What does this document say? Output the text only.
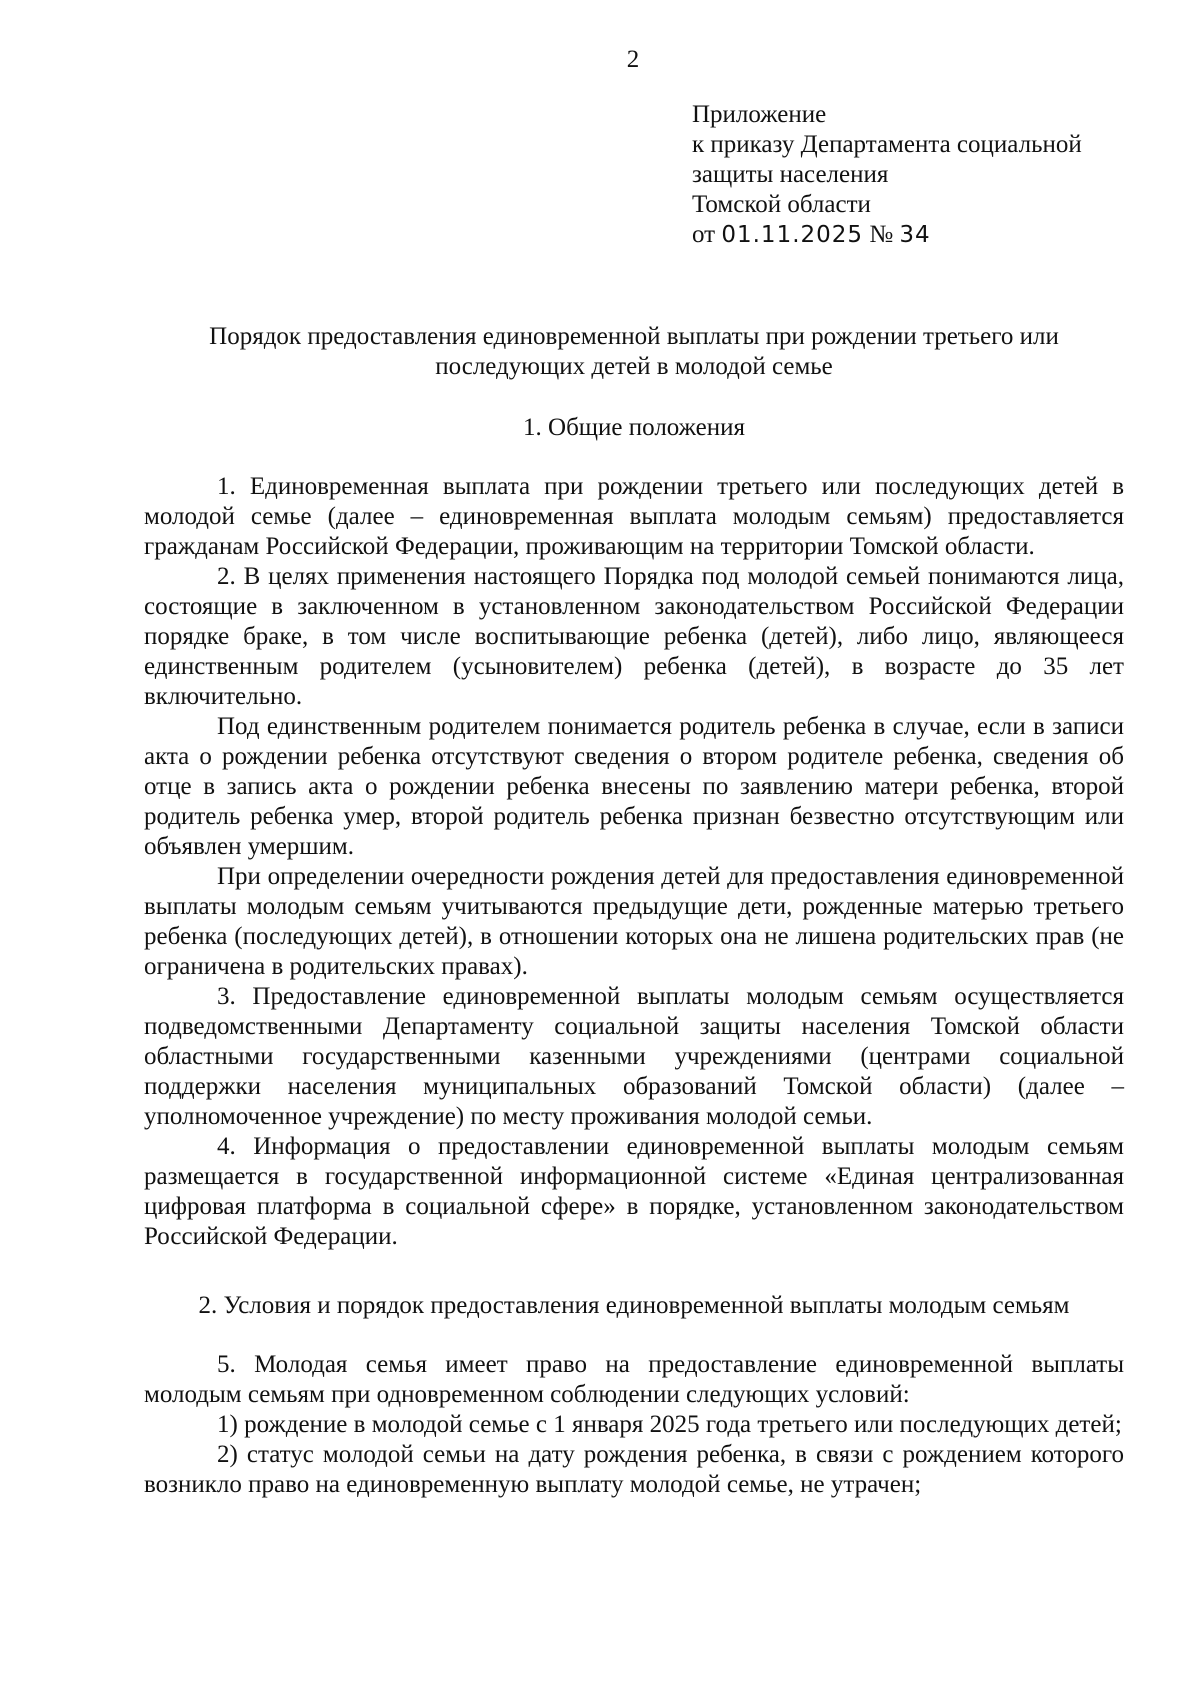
2
Приложение
к приказу Департамента социальной
защиты населения
Томской области
от 01.11.2025 № 34
Порядок предоставления единовременной выплаты при рождении третьего или последующих детей в молодой семье
1. Общие положения

1. Единовременная выплата при рождении третьего или последующих детей в молодой семье (далее – единовременная выплата молодым семьям) предоставляется гражданам Российской Федерации, проживающим на территории Томской области.

2. В целях применения настоящего Порядка под молодой семьей понимаются лица, состоящие в заключенном в установленном законодательством Российской Федерации порядке браке, в том числе воспитывающие ребенка (детей), либо лицо, являющееся единственным родителем (усыновителем) ребенка (детей), в возрасте до 35 лет включительно.

Под единственным родителем понимается родитель ребенка в случае, если в записи акта о рождении ребенка отсутствуют сведения о втором родителе ребенка, сведения об отце в запись акта о рождении ребенка внесены по заявлению матери ребенка, второй родитель ребенка умер, второй родитель ребенка признан безвестно отсутствующим или объявлен умершим.

При определении очередности рождения детей для предоставления единовременной выплаты молодым семьям учитываются предыдущие дети, рожденные матерью третьего ребенка (последующих детей), в отношении которых она не лишена родительских прав (не ограничена в родительских правах).

3. Предоставление единовременной выплаты молодым семьям осуществляется подведомственными Департаменту социальной защиты населения Томской области областными государственными казенными учреждениями (центрами социальной поддержки населения муниципальных образований Томской области) (далее – уполномоченное учреждение) по месту проживания молодой семьи.

4. Информация о предоставлении единовременной выплаты молодым семьям размещается в государственной информационной системе «Единая централизованная цифровая платформа в социальной сфере» в порядке, установленном законодательством Российской Федерации.

2. Условия и порядок предоставления единовременной выплаты молодым семьям

5. Молодая семья имеет право на предоставление единовременной выплаты молодым семьям при одновременном соблюдении следующих условий:

1) рождение в молодой семье с 1 января 2025 года третьего или последующих детей;

2) статус молодой семьи на дату рождения ребенка, в связи с рождением которого возникло право на единовременную выплату молодой семье, не утрачен;
